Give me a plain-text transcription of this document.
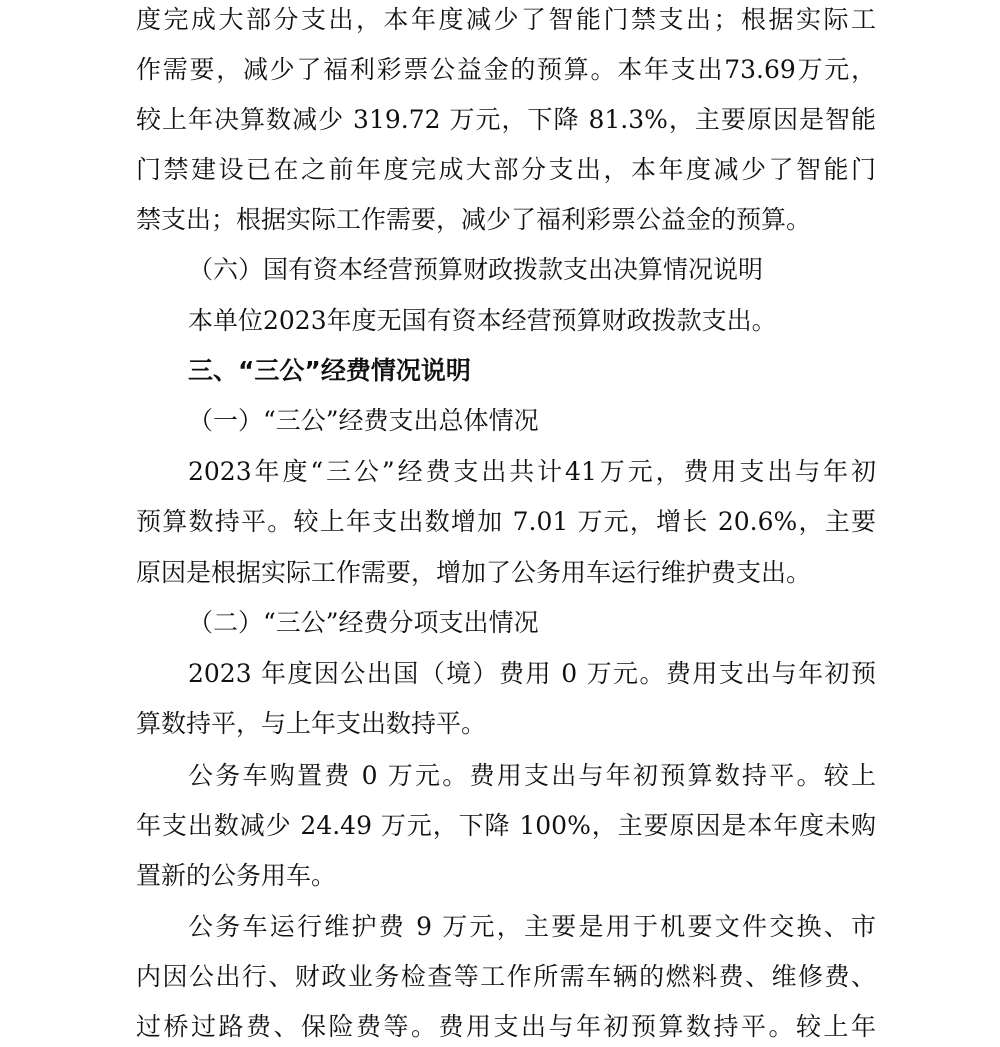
度完成大部分支出，本年度减少了智能门禁支出；根据实际工

作需要，减少了福利彩票公益金的预算。本年支出73.69万元，

较上年决算数减少 319.72 万元，下降 81.3%，主要原因是智能

门禁建设已在之前年度完成大部分支出，本年度减少了智能门

禁支出；根据实际工作需要，减少了福利彩票公益金的预算。

（六）国有资本经营预算财政拨款支出决算情况说明

本单位2023年度无国有资本经营预算财政拨款支出。

三、“三公”经费情况说明

（一）“三公”经费支出总体情况

2023年度“三公”经费支出共计41万元，费用支出与年初

预算数持平。较上年支出数增加 7.01 万元，增长 20.6%，主要

原因是根据实际工作需要，增加了公务用车运行维护费支出。

（二）“三公”经费分项支出情况

2023 年度因公出国（境）费用 0 万元。费用支出与年初预

算数持平，与上年支出数持平。

公务车购置费 0 万元。费用支出与年初预算数持平。较上

年支出数减少 24.49 万元，下降 100%，主要原因是本年度未购

置新的公务用车。

公务车运行维护费 9 万元，主要是用于机要文件交换、市

内因公出行、财政业务检查等工作所需车辆的燃料费、维修费、

过桥过路费、保险费等。费用支出与年初预算数持平。较上年
